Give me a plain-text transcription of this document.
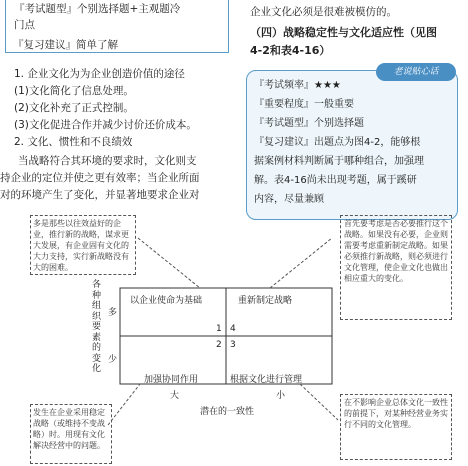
『考试题型』个别选择题+主观题冷
门点
『复习建议』简单了解
1. 企业文化为为企业创造价值的途径
(1)文化简化了信息处理。
(2)文化补充了正式控制。
(3)文化促进合作并减少讨价还价成本。
2. 文化、惯性和不良绩效
当战略符合其环境的要求时，文化则支
持企业的定位并使之更有效率；当企业所面
对的环境产生了变化，并显著地要求企业对
企业文化必须是很难被模仿的。
（四）战略稳定性与文化适应性（见图
4-2和表4-16）
老说贴心话
『考试频率』★★★
『重要程度』一般重要
『考试题型』个别选择题
『复习建议』出题点为图4-2，能够根
据案例材料判断属于哪种组合，加强理
解。表4-16尚未出现考题，属于蹊研
内容，尽量兼顾
多是那些以往效益好的企业，推行新的战略，谋求更大发展，有企业固有文化的大力支持，实行新战略没有大的困难。
首先要考虑是否必要推行这个战略。如果没有必要，企业则需要考虑重新制定战略。如果必须推行新战略，则必须进行文化管理，使企业文化也做出相应重大的变化。
发生在企业采用稳定战略（或维持不变战略）时。用现有文化解决经营中的问题。
在不影响企业总体文化一致性的前提下，对某种经营业务实行不同的文化管理。
各种组织要素的变化
多
少
以企业使命为基础	重新制定战略
加强协同作用	根据文化进行管理
1 4
2 3
大	小
潜在的一致性
